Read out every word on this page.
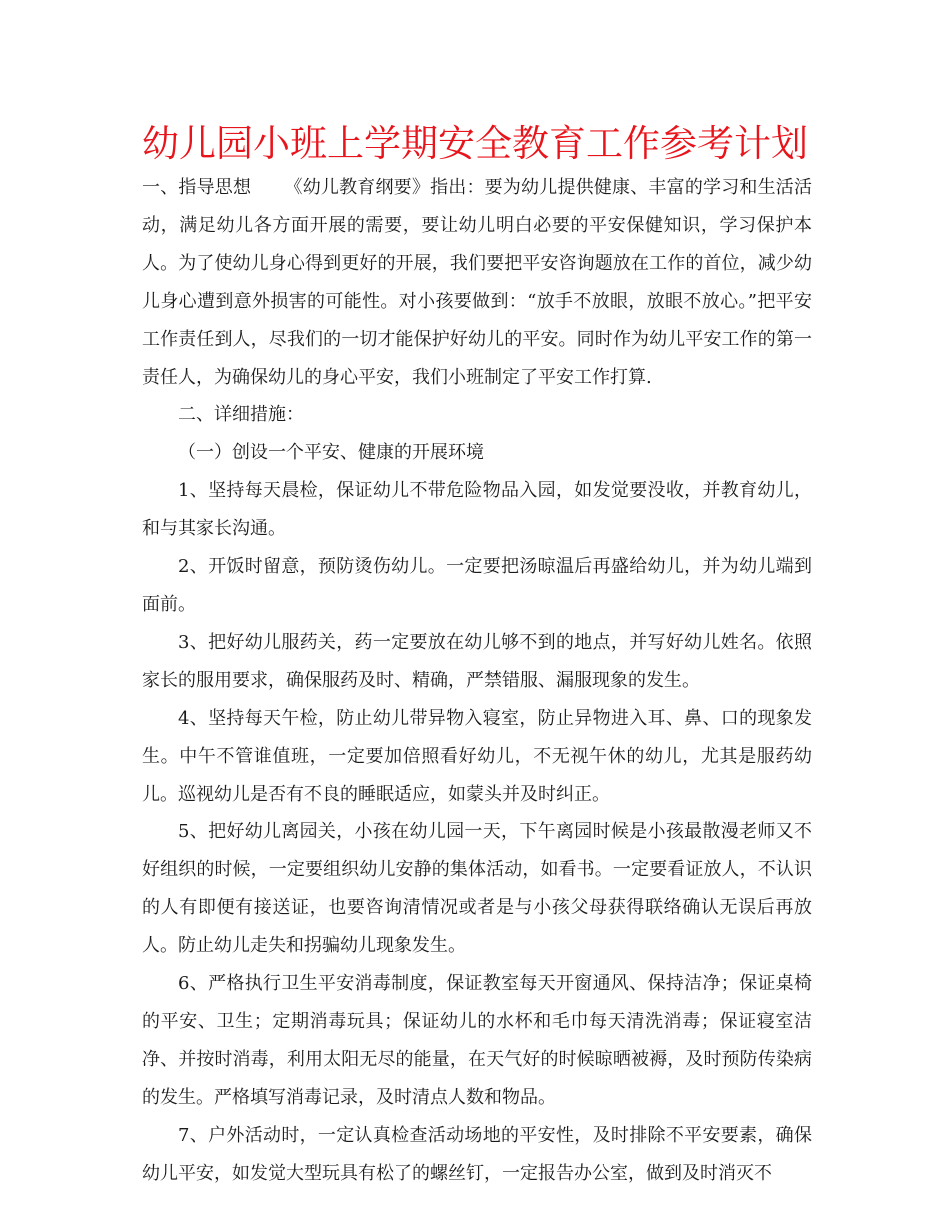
幼儿园小班上学期安全教育工作参考计划

一、指导思想 　　《幼儿教育纲要》指出：要为幼儿提供健康、丰富的学习和生活活动，满足幼儿各方面开展的需要，要让幼儿明白必要的平安保健知识，学习保护本人。为了使幼儿身心得到更好的开展，我们要把平安咨询题放在工作的首位，减少幼儿身心遭到意外损害的可能性。对小孩要做到：“放手不放眼，放眼不放心。”把平安工作责任到人，尽我们的一切才能保护好幼儿的平安。同时作为幼儿平安工作的第一责任人，为确保幼儿的身心平安，我们小班制定了平安工作打算.

二、详细措施：

（一）创设一个平安、健康的开展环境

1、坚持每天晨检，保证幼儿不带危险物品入园，如发觉要没收，并教育幼儿，和与其家长沟通。

2、开饭时留意，预防烫伤幼儿。一定要把汤晾温后再盛给幼儿，并为幼儿端到面前。

3、把好幼儿服药关，药一定要放在幼儿够不到的地点，并写好幼儿姓名。依照家长的服用要求，确保服药及时、精确，严禁错服、漏服现象的发生。

4、坚持每天午检，防止幼儿带异物入寝室，防止异物进入耳、鼻、口的现象发生。中午不管谁值班，一定要加倍照看好幼儿，不无视午休的幼儿，尤其是服药幼儿。巡视幼儿是否有不良的睡眠适应，如蒙头并及时纠正。

5、把好幼儿离园关，小孩在幼儿园一天，下午离园时候是小孩最散漫老师又不好组织的时候，一定要组织幼儿安静的集体活动，如看书。一定要看证放人，不认识的人有即便有接送证，也要咨询清情况或者是与小孩父母获得联络确认无误后再放人。防止幼儿走失和拐骗幼儿现象发生。

6、严格执行卫生平安消毒制度，保证教室每天开窗通风、保持洁净；保证桌椅的平安、卫生；定期消毒玩具；保证幼儿的水杯和毛巾每天清洗消毒；保证寝室洁净、并按时消毒，利用太阳无尽的能量，在天气好的时候晾晒被褥，及时预防传染病的发生。严格填写消毒记录，及时清点人数和物品。

7、户外活动时，一定认真检查活动场地的平安性，及时排除不平安要素，确保幼儿平安，如发觉大型玩具有松了的螺丝钉，一定报告办公室，做到及时消灭不
